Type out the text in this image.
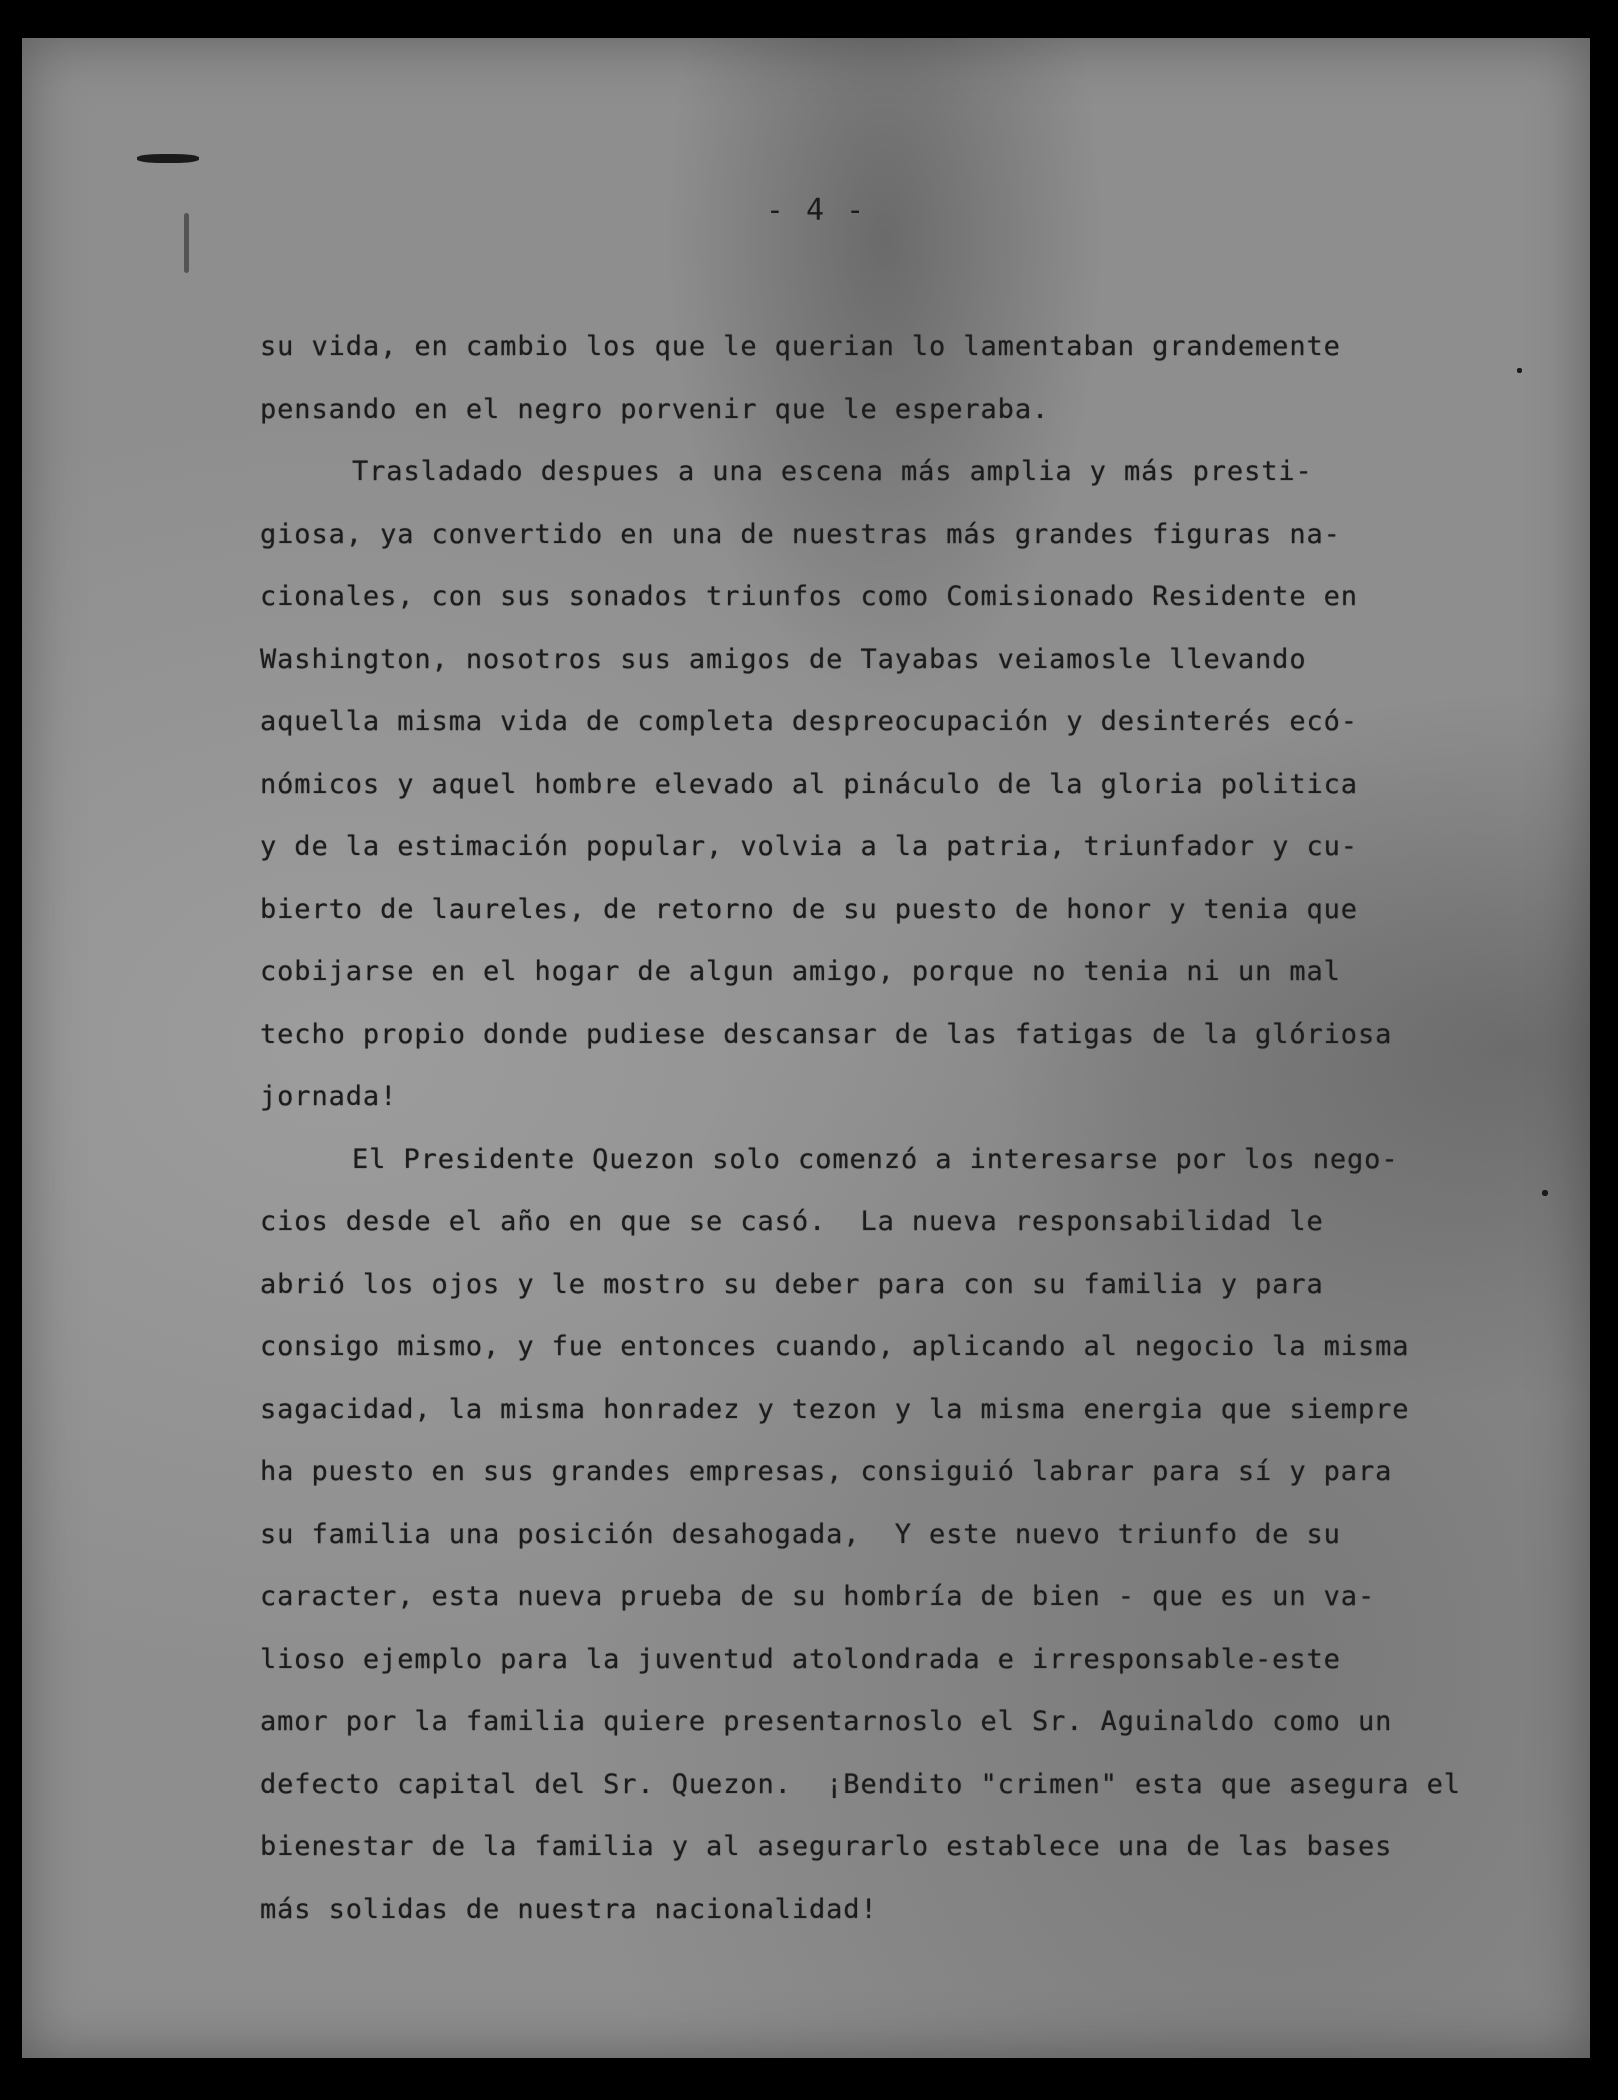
- 4 -
su vida, en cambio los que le querian lo lamentaban grandemente
pensando en el negro porvenir que le esperaba.
Trasladado despues a una escena más amplia y más presti-
giosa, ya convertido en una de nuestras más grandes figuras na-
cionales, con sus sonados triunfos como Comisionado Residente en
Washington, nosotros sus amigos de Tayabas veiamosle llevando
aquella misma vida de completa despreocupación y desinterés ecó-
nómicos y aquel hombre elevado al pináculo de la gloria politica
y de la estimación popular, volvia a la patria, triunfador y cu-
bierto de laureles, de retorno de su puesto de honor y tenia que
cobijarse en el hogar de algun amigo, porque no tenia ni un mal
techo propio donde pudiese descansar de las fatigas de la glóriosa
jornada!
El Presidente Quezon solo comenzó a interesarse por los nego-
cios desde el año en que se casó.  La nueva responsabilidad le
abrió los ojos y le mostro su deber para con su familia y para
consigo mismo, y fue entonces cuando, aplicando al negocio la misma
sagacidad, la misma honradez y tezon y la misma energia que siempre
ha puesto en sus grandes empresas, consiguió labrar para sí y para
su familia una posición desahogada,  Y este nuevo triunfo de su
caracter, esta nueva prueba de su hombría de bien - que es un va-
lioso ejemplo para la juventud atolondrada e irresponsable-este
amor por la familia quiere presentarnoslo el Sr. Aguinaldo como un
defecto capital del Sr. Quezon.  ¡Bendito "crimen" esta que asegura el
bienestar de la familia y al asegurarlo establece una de las bases
más solidas de nuestra nacionalidad!
